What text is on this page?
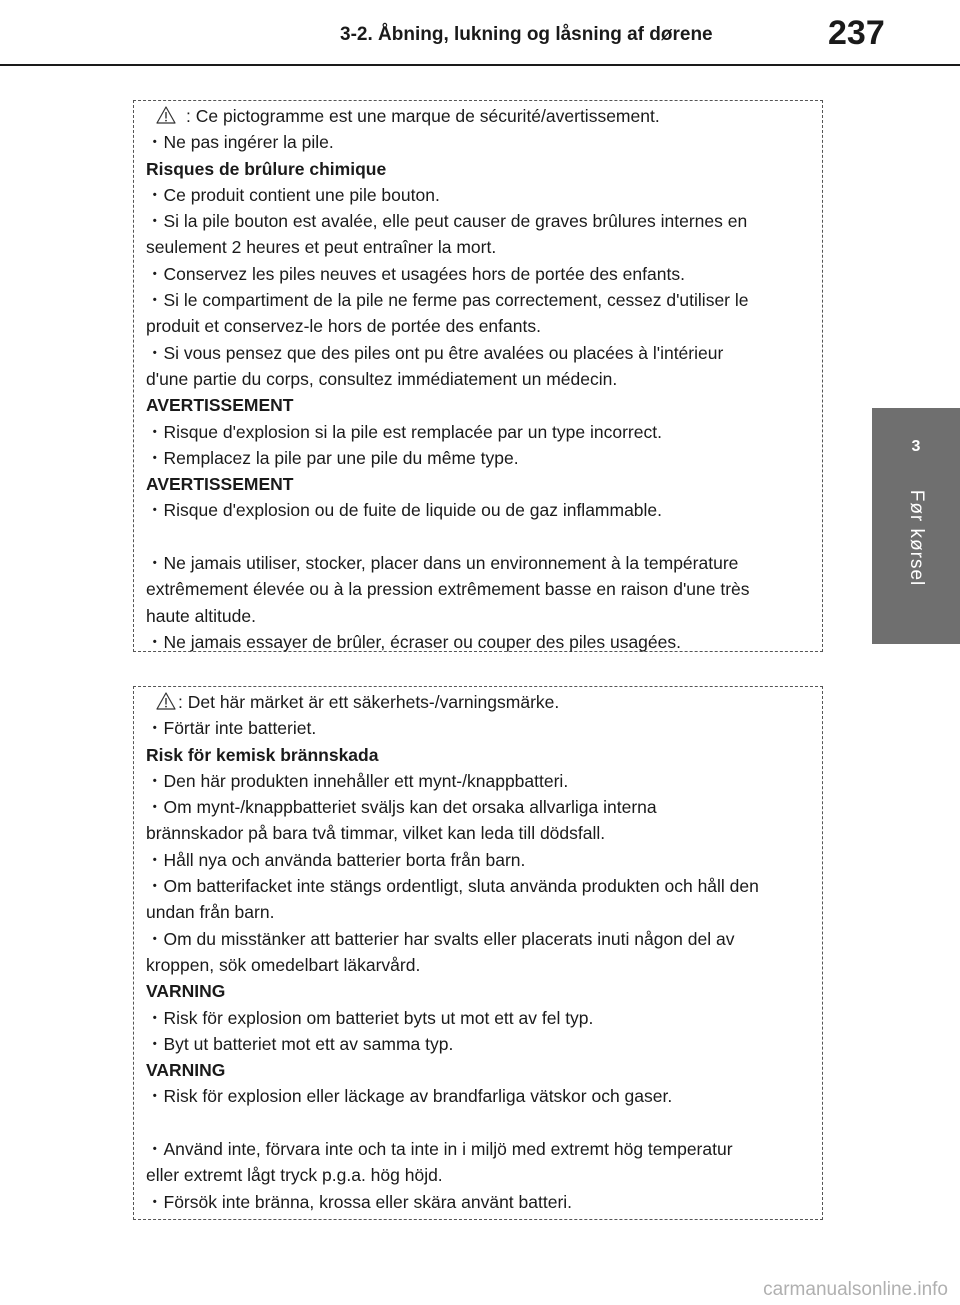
3-2. Åbning, lukning og låsning af dørene	237
3
Før kørsel
: Ce pictogramme est une marque de sécurité/avertissement.
・Ne pas ingérer la pile.
Risques de brûlure chimique
・Ce produit contient une pile bouton.
・Si la pile bouton est avalée, elle peut causer de graves brûlures internes en
seulement 2 heures et peut entraîner la mort.
・Conservez les piles neuves et usagées hors de portée des enfants.
・Si le compartiment de la pile ne ferme pas correctement, cessez d'utiliser le
produit et conservez-le hors de portée des enfants.
・Si vous pensez que des piles ont pu être avalées ou placées à l'intérieur
d'une partie du corps, consultez immédiatement un médecin.
AVERTISSEMENT
・Risque d'explosion si la pile est remplacée par un type incorrect.
・Remplacez la pile par une pile du même type.
AVERTISSEMENT
・Risque d'explosion ou de fuite de liquide ou de gaz inflammable.
・Ne jamais utiliser, stocker, placer dans un environnement à la température
extrêmement élevée ou à la pression extrêmement basse en raison d'une très
haute altitude.
・Ne jamais essayer de brûler, écraser ou couper des piles usagées.
: Det här märket är ett säkerhets-/varningsmärke.
・Förtär inte batteriet.
Risk för kemisk brännskada
・Den här produkten innehåller ett mynt-/knappbatteri.
・Om mynt-/knappbatteriet sväljs kan det orsaka allvarliga interna
brännskador på bara två timmar, vilket kan leda till dödsfall.
・Håll nya och använda batterier borta från barn.
・Om batterifacket inte stängs ordentligt, sluta använda produkten och håll den
undan från barn.
・Om du misstänker att batterier har svalts eller placerats inuti någon del av
kroppen, sök omedelbart läkarvård.
VARNING
・Risk för explosion om batteriet byts ut mot ett av fel typ.
・Byt ut batteriet mot ett av samma typ.
VARNING
・Risk för explosion eller läckage av brandfarliga vätskor och gaser.
・Använd inte, förvara inte och ta inte in i miljö med extremt hög temperatur
eller extremt lågt tryck p.g.a. hög höjd.
・Försök inte bränna, krossa eller skära använt batteri.
carmanualsonline.info
